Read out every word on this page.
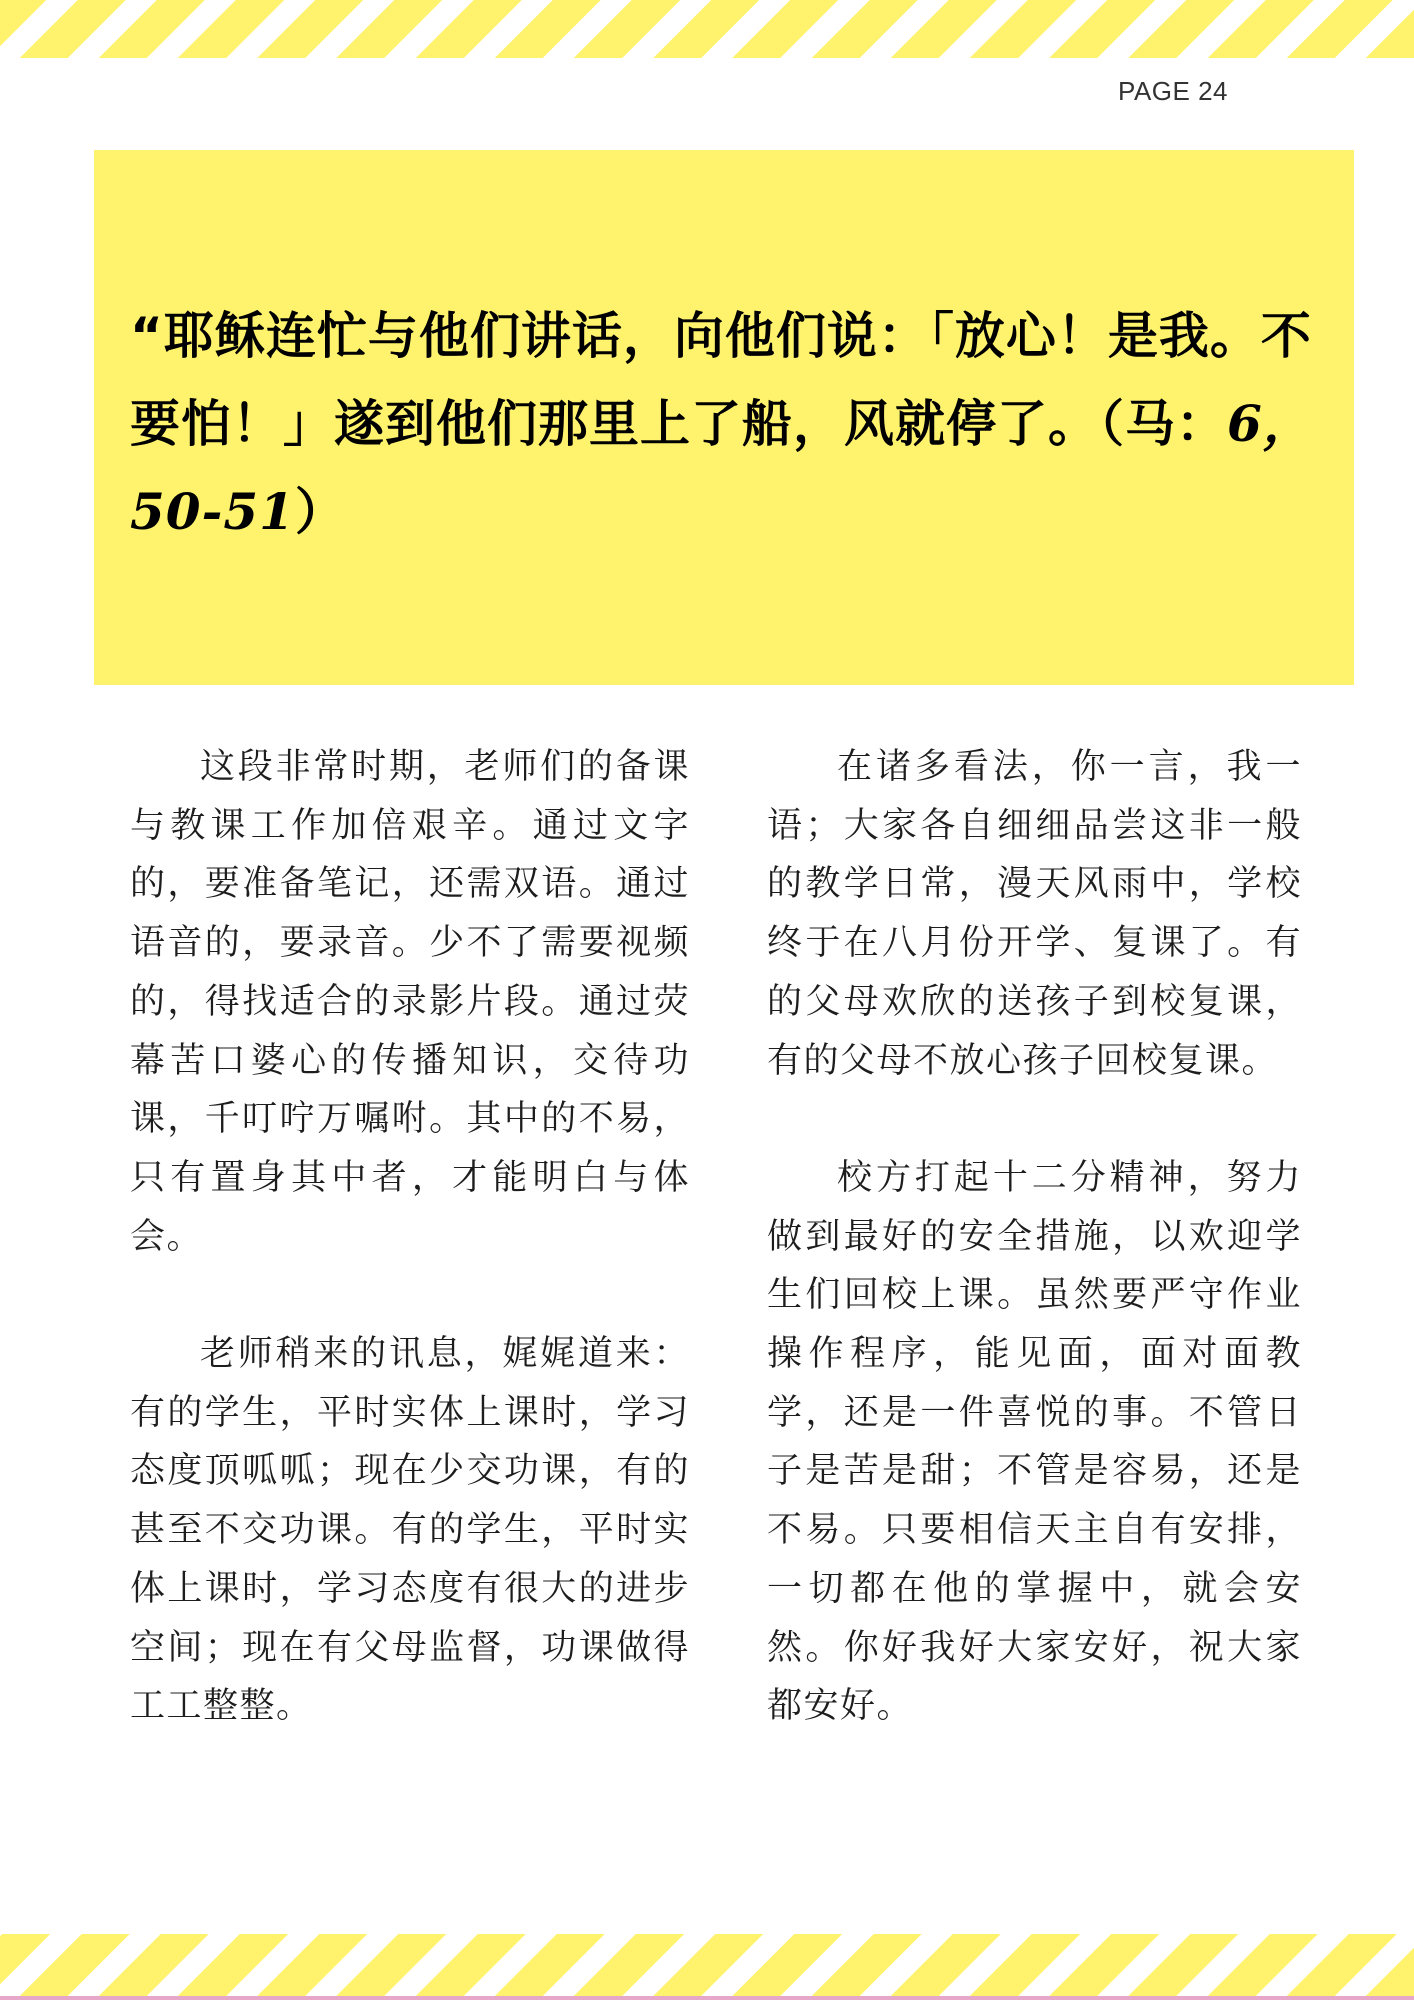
PAGE 24

“耶稣连忙与他们讲话，向他们说：「放心！是我。不要怕！」遂到他们那里上了船，风就停了。（马：6，50-51）

这段非常时期，老师们的备课与教课工作加倍艰辛。通过文字的，要准备笔记，还需双语。通过语音的，要录音。少不了需要视频的，得找适合的录影片段。通过荧幕苦口婆心的传播知识，交待功课，千叮咛万嘱咐。其中的不易，只有置身其中者，才能明白与体会。

老师稍来的讯息，娓娓道来：有的学生，平时实体上课时，学习态度顶呱呱；现在少交功课，有的甚至不交功课。有的学生，平时实体上课时，学习态度有很大的进步空间；现在有父母监督，功课做得工工整整。

在诸多看法，你一言，我一语；大家各自细细品尝这非一般的教学日常，漫天风雨中，学校终于在八月份开学、复课了。有的父母欢欣的送孩子到校复课，有的父母不放心孩子回校复课。

校方打起十二分精神，努力做到最好的安全措施，以欢迎学生们回校上课。虽然要严守作业操作程序，能见面，面对面教学，还是一件喜悦的事。不管日子是苦是甜；不管是容易，还是不易。只要相信天主自有安排，一切都在他的掌握中，就会安然。你好我好大家安好，祝大家都安好。
